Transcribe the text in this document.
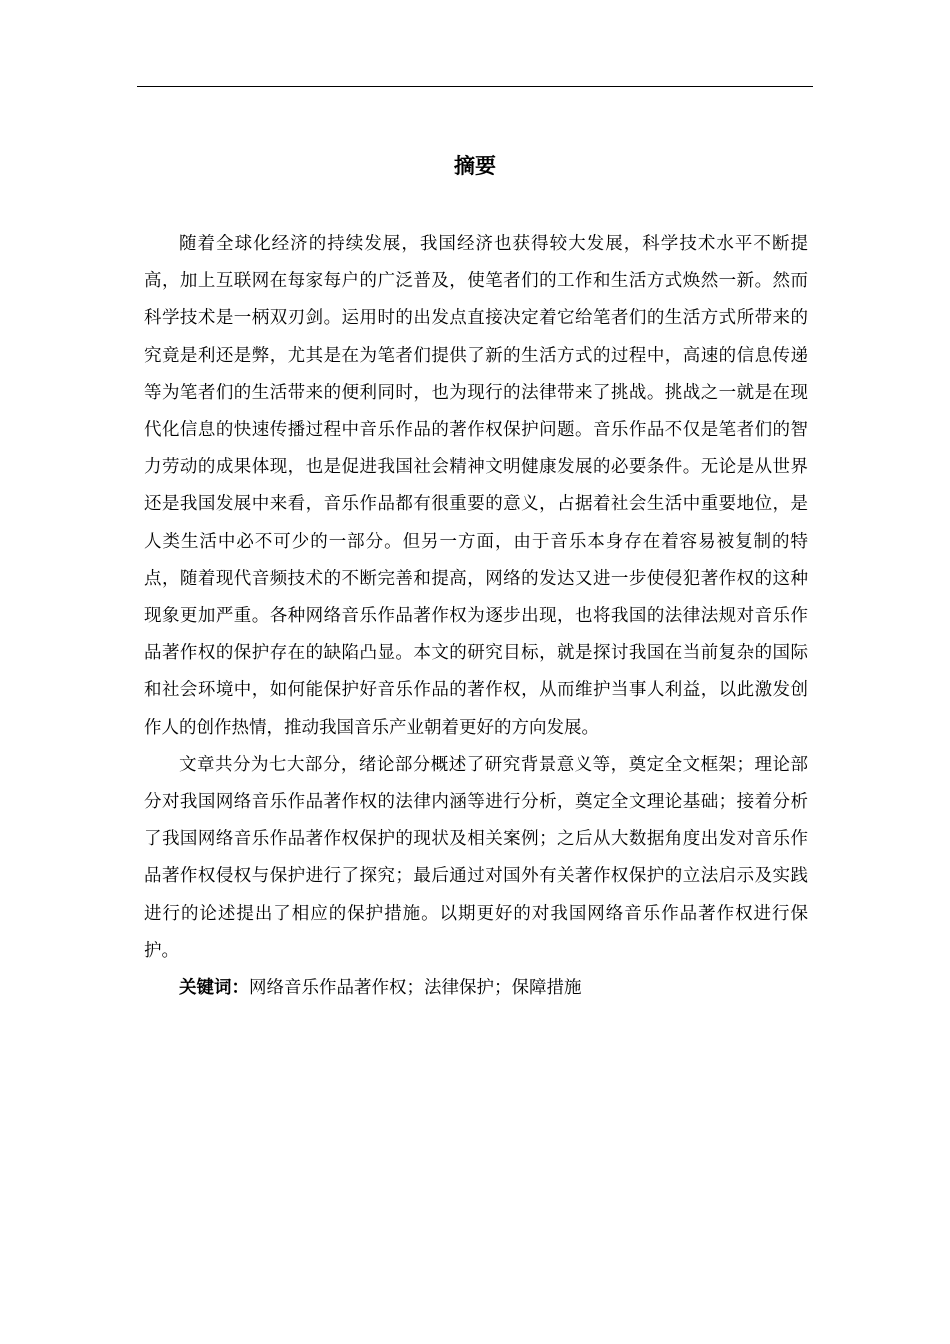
摘要

随着全球化经济的持续发展，我国经济也获得较大发展，科学技术水平不断提高，加上互联网在每家每户的广泛普及，使笔者们的工作和生活方式焕然一新。然而科学技术是一柄双刃剑。运用时的出发点直接决定着它给笔者们的生活方式所带来的究竟是利还是弊，尤其是在为笔者们提供了新的生活方式的过程中，高速的信息传递等为笔者们的生活带来的便利同时，也为现行的法律带来了挑战。挑战之一就是在现代化信息的快速传播过程中音乐作品的著作权保护问题。音乐作品不仅是笔者们的智力劳动的成果体现，也是促进我国社会精神文明健康发展的必要条件。无论是从世界还是我国发展中来看，音乐作品都有很重要的意义，占据着社会生活中重要地位，是人类生活中必不可少的一部分。但另一方面，由于音乐本身存在着容易被复制的特点，随着现代音频技术的不断完善和提高，网络的发达又进一步使侵犯著作权的这种现象更加严重。各种网络音乐作品著作权为逐步出现，也将我国的法律法规对音乐作品著作权的保护存在的缺陷凸显。本文的研究目标，就是探讨我国在当前复杂的国际和社会环境中，如何能保护好音乐作品的著作权，从而维护当事人利益，以此激发创作人的创作热情，推动我国音乐产业朝着更好的方向发展。

文章共分为七大部分，绪论部分概述了研究背景意义等，奠定全文框架；理论部分对我国网络音乐作品著作权的法律内涵等进行分析，奠定全文理论基础；接着分析了我国网络音乐作品著作权保护的现状及相关案例；之后从大数据角度出发对音乐作品著作权侵权与保护进行了探究；最后通过对国外有关著作权保护的立法启示及实践进行的论述提出了相应的保护措施。以期更好的对我国网络音乐作品著作权进行保护。

关键词：网络音乐作品著作权；法律保护；保障措施
